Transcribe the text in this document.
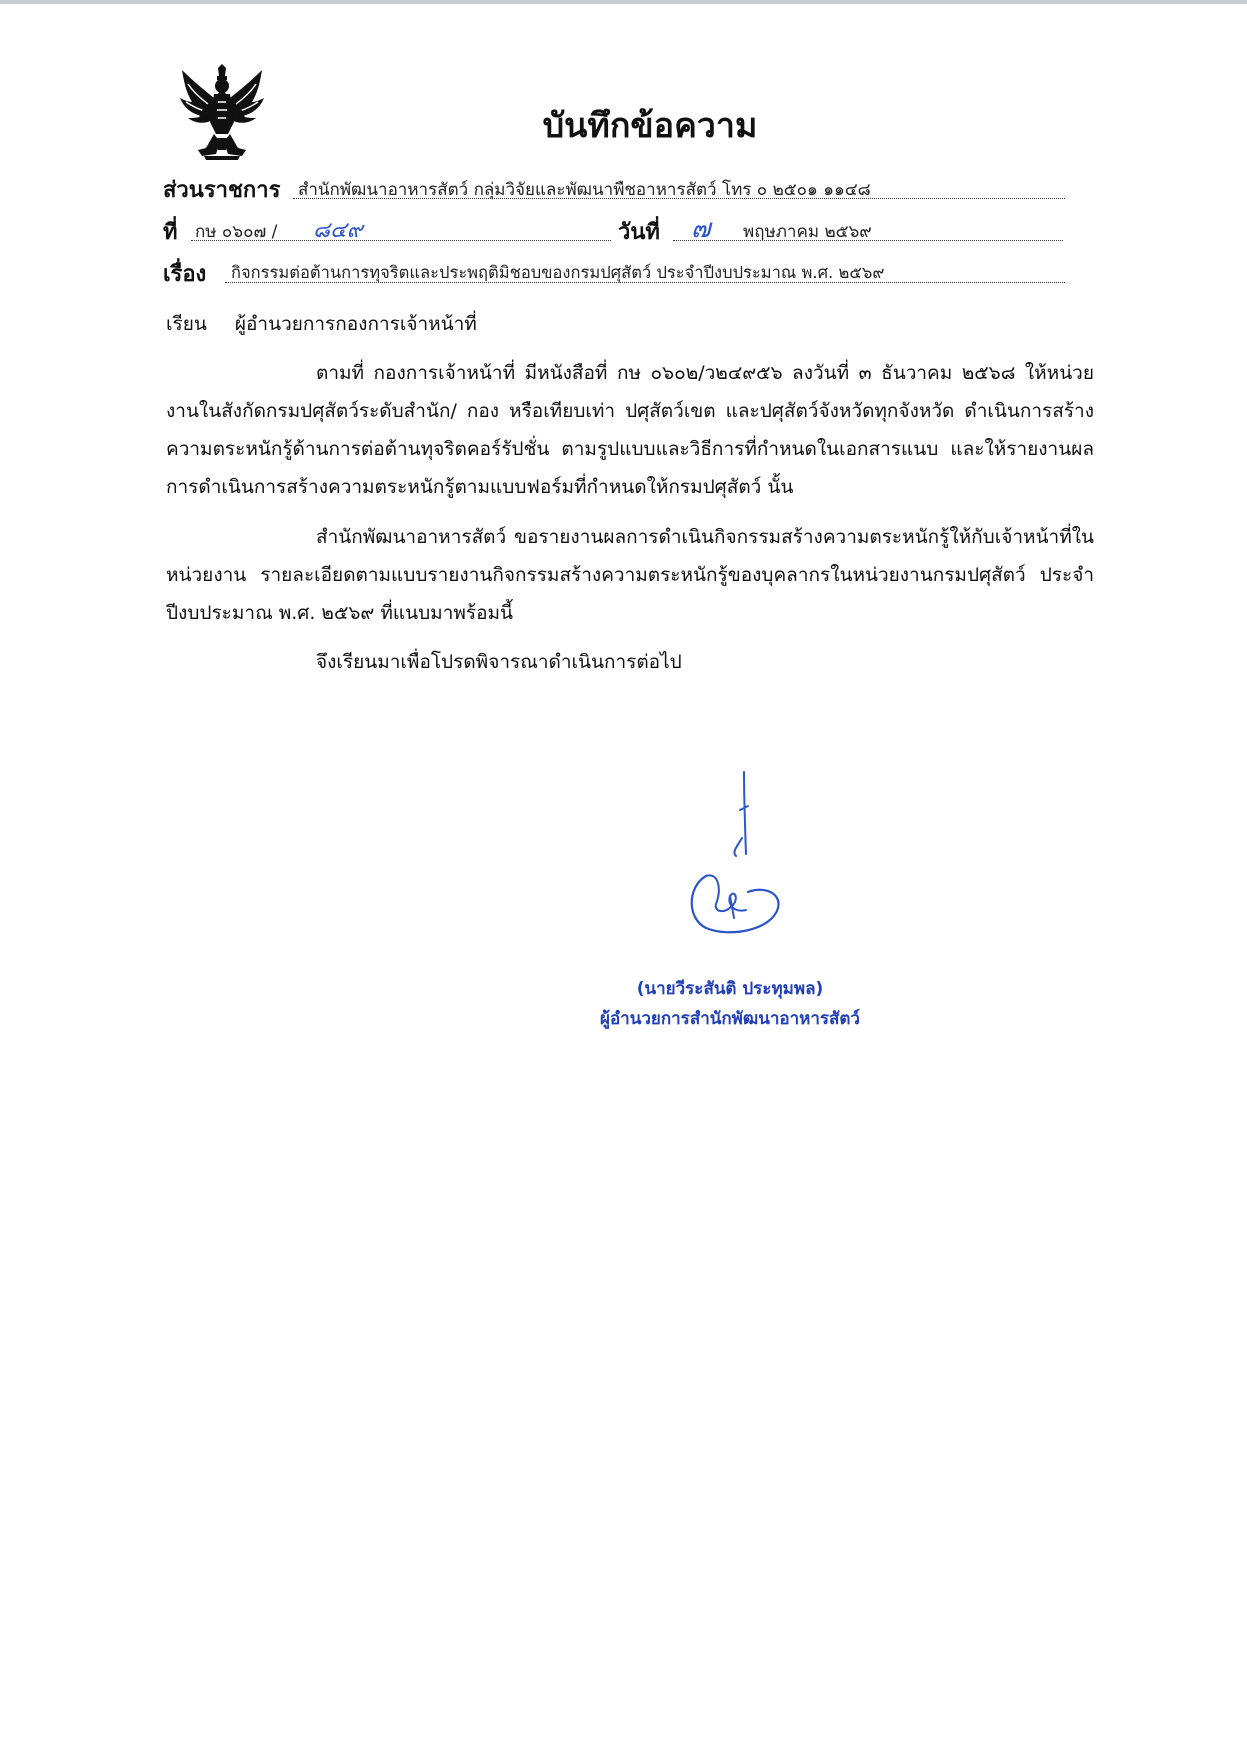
บันทึกข้อความ
ส่วนราชการ สำนักพัฒนาอาหารสัตว์ กลุ่มวิจัยและพัฒนาพืชอาหารสัตว์ โทร ๐ ๒๕๐๑ ๑๑๔๘
ที่ กษ ๐๖๐๗ / ๘๔๙	วันที่ ๗ พฤษภาคม ๒๕๖๙
เรื่อง กิจกรรมต่อต้านการทุจริตและประพฤติมิชอบของกรมปศุสัตว์ ประจำปีงบประมาณ พ.ศ. ๒๕๖๙
เรียน ผู้อำนวยการกองการเจ้าหน้าที่

ตามที่ กองการเจ้าหน้าที่ มีหนังสือที่ กษ ๐๖๐๒/ว๒๔๙๕๖ ลงวันที่ ๓ ธันวาคม ๒๕๖๘ ให้หน่วยงานในสังกัดกรมปศุสัตว์ระดับสำนัก/ กอง หรือเทียบเท่า ปศุสัตว์เขต และปศุสัตว์จังหวัดทุกจังหวัด ดำเนินการสร้างความตระหนักรู้ด้านการต่อต้านทุจริตคอร์รัปชั่น ตามรูปแบบและวิธีการที่กำหนดในเอกสารแนบ และให้รายงานผลการดำเนินการสร้างความตระหนักรู้ตามแบบฟอร์มที่กำหนดให้กรมปศุสัตว์ นั้น

สำนักพัฒนาอาหารสัตว์ ขอรายงานผลการดำเนินกิจกรรมสร้างความตระหนักรู้ให้กับเจ้าหน้าที่ในหน่วยงาน รายละเอียดตามแบบรายงานกิจกรรมสร้างความตระหนักรู้ของบุคลากรในหน่วยงานกรมปศุสัตว์ ประจำปีงบประมาณ พ.ศ. ๒๕๖๙ ที่แนบมาพร้อมนี้

จึงเรียนมาเพื่อโปรดพิจารณาดำเนินการต่อไป
(นายวีระสันติ ประทุมพล)
ผู้อำนวยการสำนักพัฒนาอาหารสัตว์
